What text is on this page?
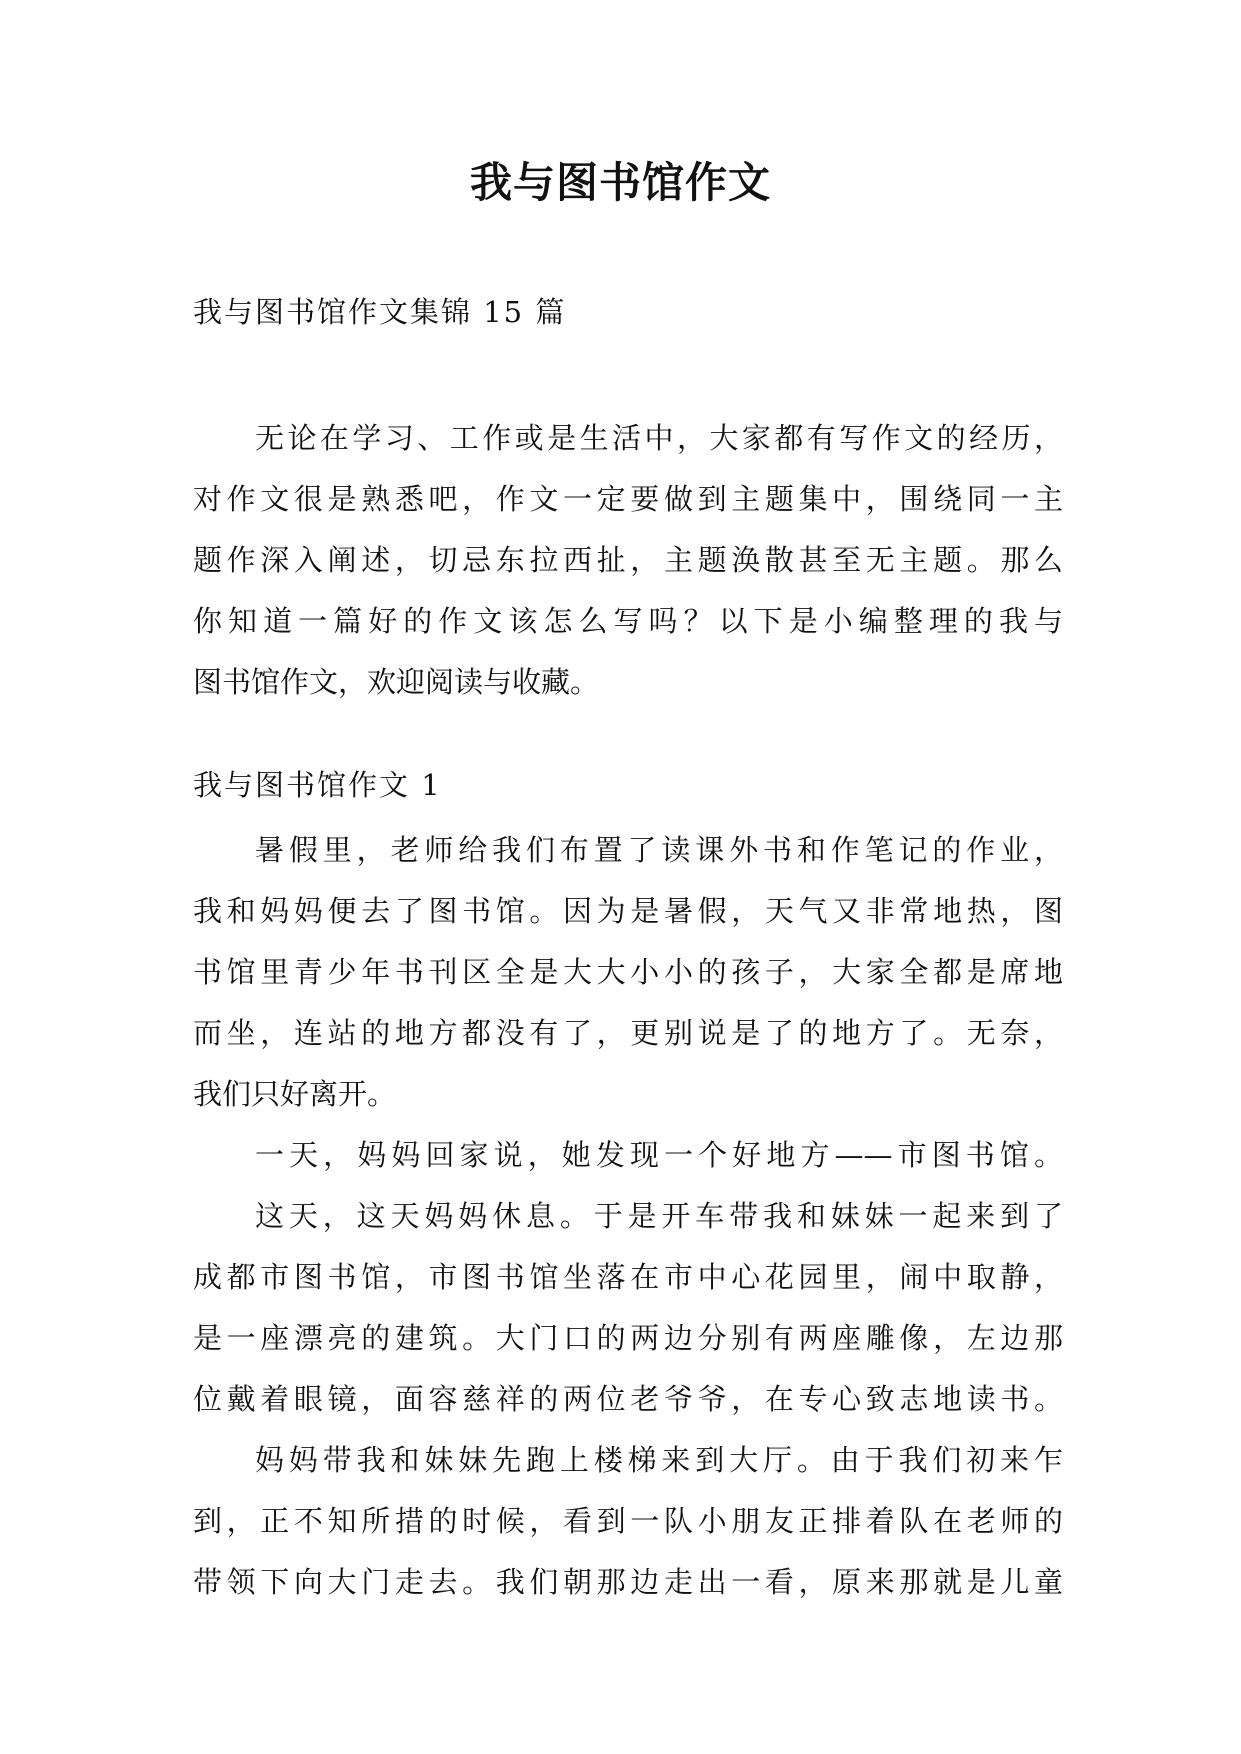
我与图书馆作文
我与图书馆作文集锦 15 篇
无论在学习、工作或是生活中，大家都有写作文的经历，
对作文很是熟悉吧，作文一定要做到主题集中，围绕同一主
题作深入阐述，切忌东拉西扯，主题涣散甚至无主题。那么
你知道一篇好的作文该怎么写吗？以下是小编整理的我与
图书馆作文，欢迎阅读与收藏。
我与图书馆作文 1
暑假里，老师给我们布置了读课外书和作笔记的作业，
我和妈妈便去了图书馆。因为是暑假，天气又非常地热，图
书馆里青少年书刊区全是大大小小的孩子，大家全都是席地
而坐，连站的地方都没有了，更别说是了的地方了。无奈，
我们只好离开。
一天，妈妈回家说，她发现一个好地方——市图书馆。
这天，这天妈妈休息。于是开车带我和妹妹一起来到了
成都市图书馆，市图书馆坐落在市中心花园里，闹中取静，
是一座漂亮的建筑。大门口的两边分别有两座雕像，左边那
位戴着眼镜，面容慈祥的两位老爷爷，在专心致志地读书。
妈妈带我和妹妹先跑上楼梯来到大厅。由于我们初来乍
到，正不知所措的时候，看到一队小朋友正排着队在老师的
带领下向大门走去。我们朝那边走出一看，原来那就是儿童
